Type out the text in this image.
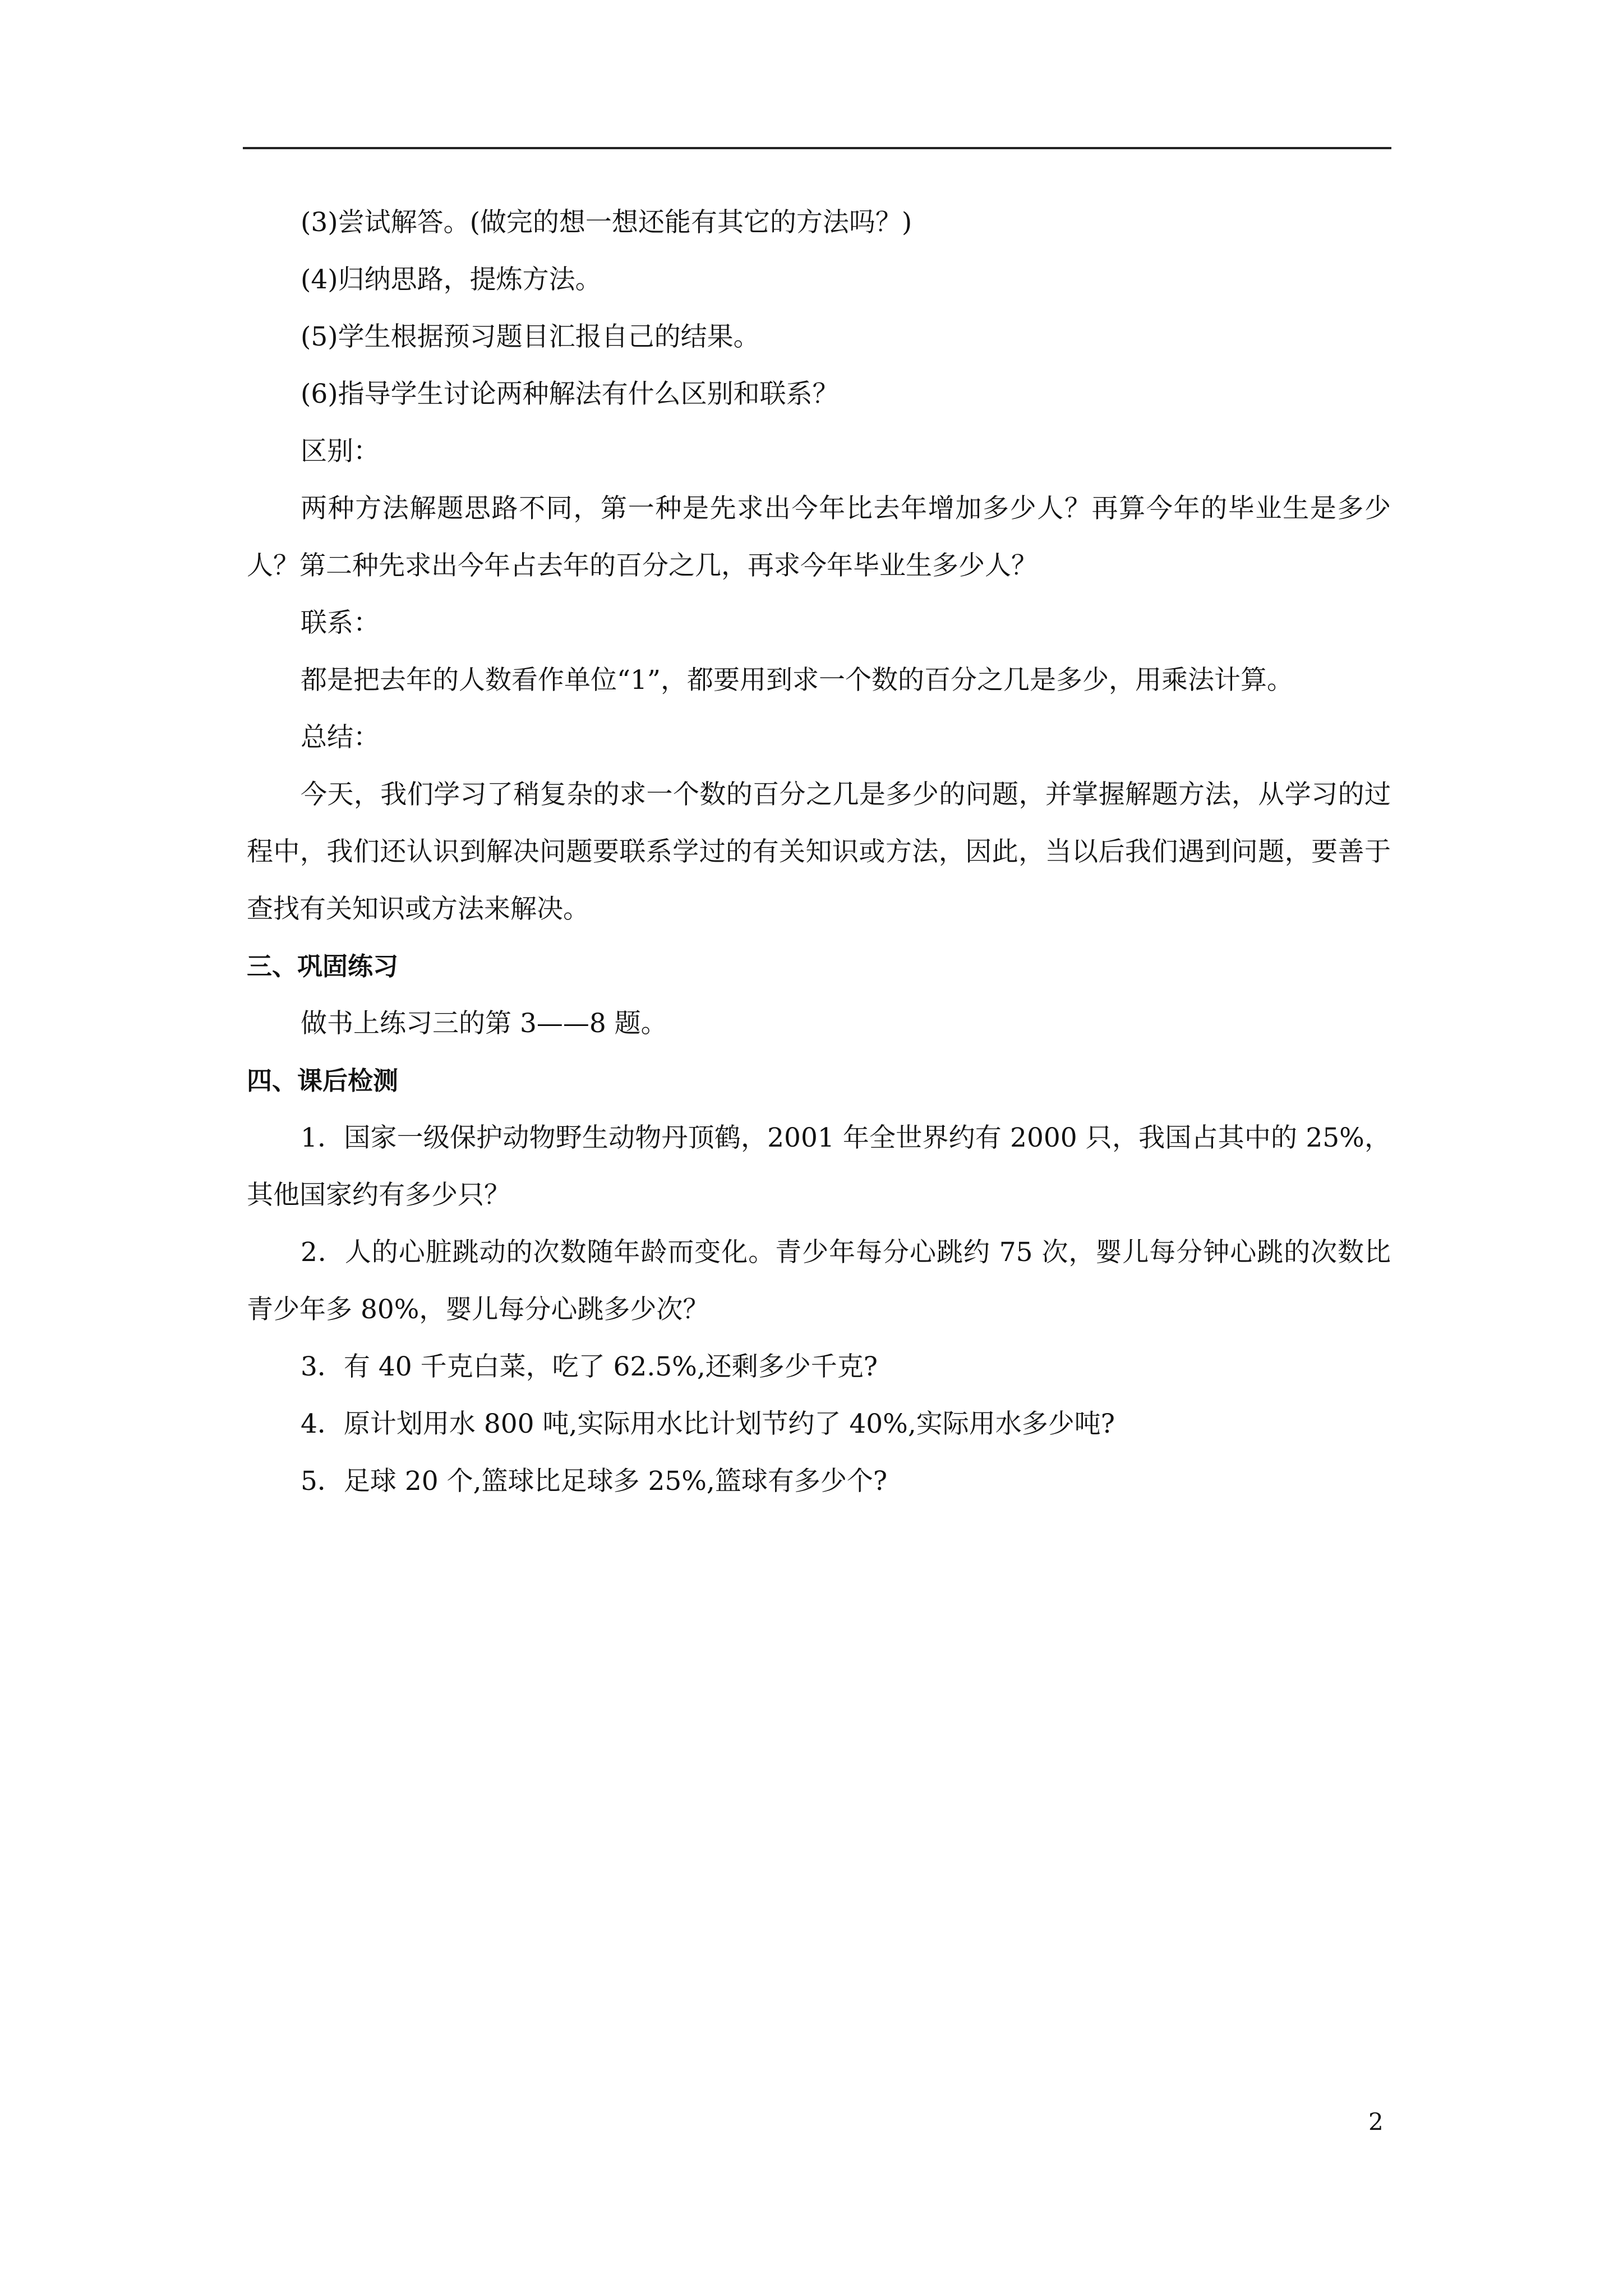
(3)尝试解答。(做完的想一想还能有其它的方法吗？)

(4)归纳思路，提炼方法。

(5)学生根据预习题目汇报自己的结果。

(6)指导学生讨论两种解法有什么区别和联系？

区别：

两种方法解题思路不同，第一种是先求出今年比去年增加多少人？再算今年的毕业生是多少人？第二种先求出今年占去年的百分之几，再求今年毕业生多少人？

联系：

都是把去年的人数看作单位“1”，都要用到求一个数的百分之几是多少，用乘法计算。

总结：

今天，我们学习了稍复杂的求一个数的百分之几是多少的问题，并掌握解题方法，从学习的过程中，我们还认识到解决问题要联系学过的有关知识或方法，因此，当以后我们遇到问题，要善于查找有关知识或方法来解决。

三、巩固练习

做书上练习三的第 3——8 题。

四、课后检测

1．国家一级保护动物野生动物丹顶鹤，2001 年全世界约有 2000 只，我国占其中的 25%，其他国家约有多少只？

2．人的心脏跳动的次数随年龄而变化。青少年每分心跳约 75 次，婴儿每分钟心跳的次数比青少年多 80%，婴儿每分心跳多少次？

3．有 40 千克白菜，吃了 62.5%,还剩多少千克?

4．原计划用水 800 吨,实际用水比计划节约了 40%,实际用水多少吨?

5．足球 20 个,篮球比足球多 25%,篮球有多少个?

2
